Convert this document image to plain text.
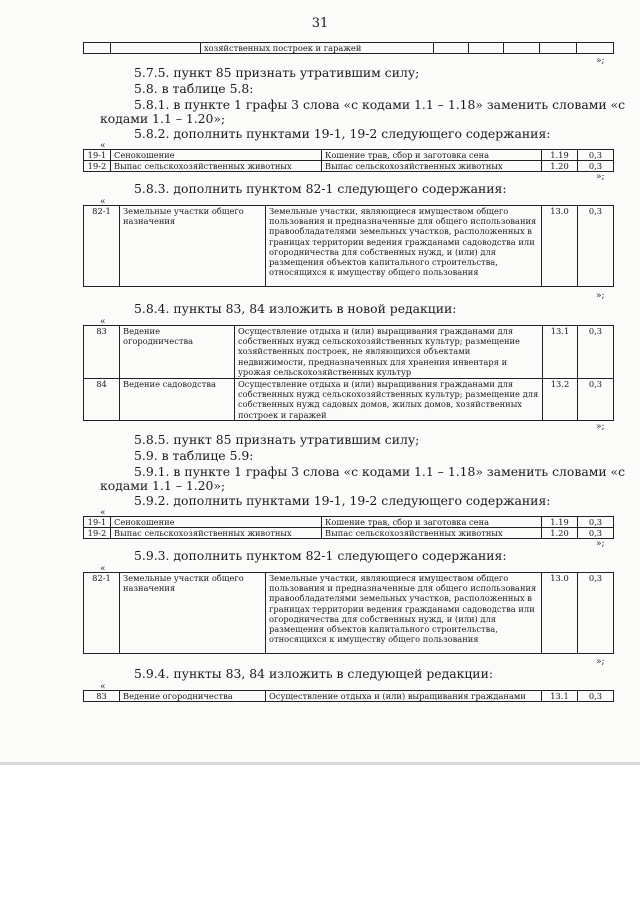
31
		хозяйственных построек и гаражей					
»;
5.7.5. пункт 85 признать утратившим силу;
5.8. в таблице 5.8:
5.8.1. в пункте 1 графы 3 слова «с кодами 1.1 – 1.18» заменить словами «с
кодами 1.1 – 1.20»;
5.8.2. дополнить пунктами 19-1, 19-2 следующего содержания:
«
19-1	Сенокошение	Кошение трав, сбор и заготовка сена	1.19	0,3
19-2	Выпас сельскохозяйственных животных	Выпас сельскохозяйственных животных	1.20	0,3
»;
5.8.3. дополнить пунктом 82-1 следующего содержания:
«
82-1	Земельные участки общего назначения	Земельные участки, являющиеся имуществом общего пользования и предназначенные для общего использования правообладателями земельных участков, расположенных в границах территории ведения гражданами садоводства или огородничества для собственных нужд, и (или) для размещения объектов капитального строительства, относящихся к имуществу общего пользования	13.0	0,3
»;
5.8.4. пункты 83, 84 изложить в новой редакции:
«
83	Ведение огородничества	Осуществление отдыха и (или) выращивания гражданами для собственных нужд сельскохозяйственных культур; размещение хозяйственных построек, не являющихся объектами недвижимости, предназначенных для хранения инвентаря и урожая сельскохозяйственных культур	13.1	0,3
84	Ведение садоводства	Осуществление отдыха и (или) выращивания гражданами для собственных нужд сельскохозяйственных культур; размещение для собственных нужд садовых домов, жилых домов, хозяйственных построек и гаражей	13.2	0,3
»;
5.8.5. пункт 85 признать утратившим силу;
5.9. в таблице 5.9:
5.9.1. в пункте 1 графы 3 слова «с кодами 1.1 – 1.18» заменить словами «с
кодами 1.1 – 1.20»;
5.9.2. дополнить пунктами 19-1, 19-2 следующего содержания:
«
19-1	Сенокошение	Кошение трав, сбор и заготовка сена	1.19	0,3
19-2	Выпас сельскохозяйственных животных	Выпас сельскохозяйственных животных	1.20	0,3
»;
5.9.3. дополнить пунктом 82-1 следующего содержания:
«
82-1	Земельные участки общего назначения	Земельные участки, являющиеся имуществом общего пользования и предназначенные для общего использования правообладателями земельных участков, расположенных в границах территории ведения гражданами садоводства или огородничества для собственных нужд, и (или) для размещения объектов капитального строительства, относящихся к имуществу общего пользования	13.0	0,3
»;
5.9.4. пункты 83, 84 изложить в следующей редакции:
«
83	Ведение огородничества	Осуществление отдыха и (или) выращивания гражданами	13.1	0,3
